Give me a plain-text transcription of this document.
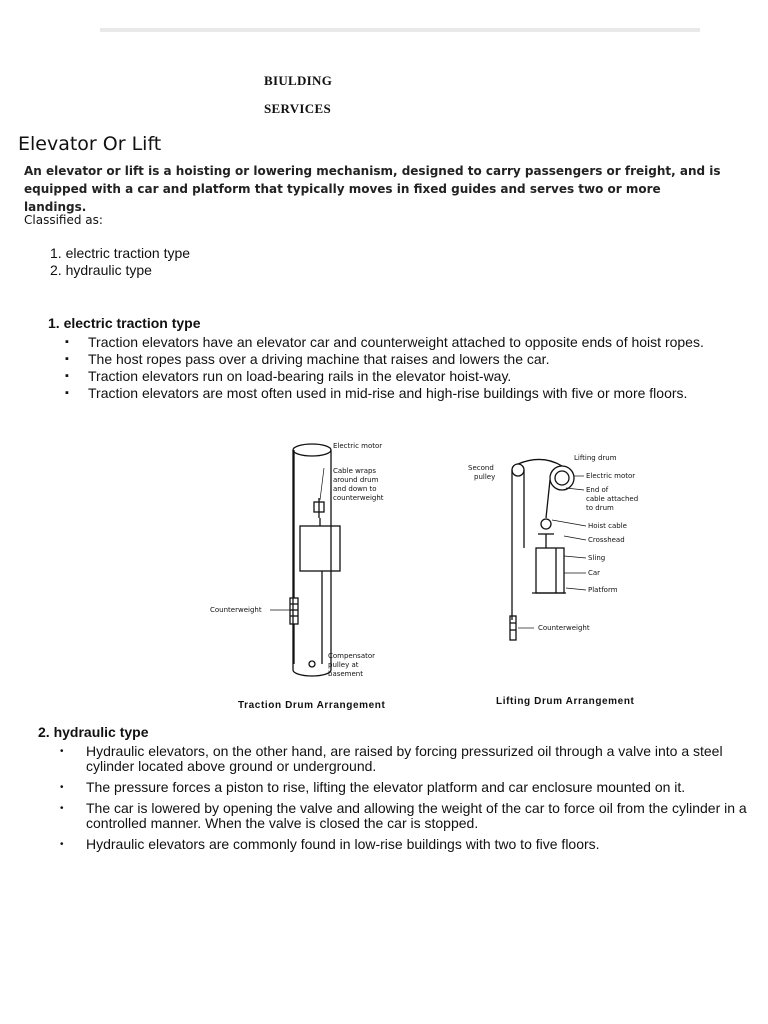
BIULDING
SERVICES
Elevator Or Lift
An elevator or lift is a hoisting or lowering mechanism, designed to carry passengers or freight, and is equipped with a car and platform that typically moves in fixed guides and serves two or more landings.
Classified as:
1. electric traction type
2. hydraulic type
1. electric traction type
▪ Traction elevators have an elevator car and counterweight attached to opposite ends of hoist ropes.
▪ The host ropes pass over a driving machine that raises and lowers the car.
▪ Traction elevators run on load-bearing rails in the elevator hoist-way.
▪ Traction elevators are most often used in mid-rise and high-rise buildings with five or more floors.
Electric motor
Cable wraps
around drum
and down to
counterweight
Counterweight
Compensator
pulley at
basement
Traction Drum Arrangement
Second
pulley
Lifting drum
Electric motor
End of
cable attached
to drum
Hoist cable
Crosshead
Sling
Car
Platform
Counterweight
Lifting Drum Arrangement
2. hydraulic type
• Hydraulic elevators, on the other hand, are raised by forcing pressurized oil through a valve into a steel cylinder located above ground or underground.
• The pressure forces a piston to rise, lifting the elevator platform and car enclosure mounted on it.
• The car is lowered by opening the valve and allowing the weight of the car to force oil from the cylinder in a controlled manner. When the valve is closed the car is stopped.
• Hydraulic elevators are commonly found in low-rise buildings with two to five floors.
